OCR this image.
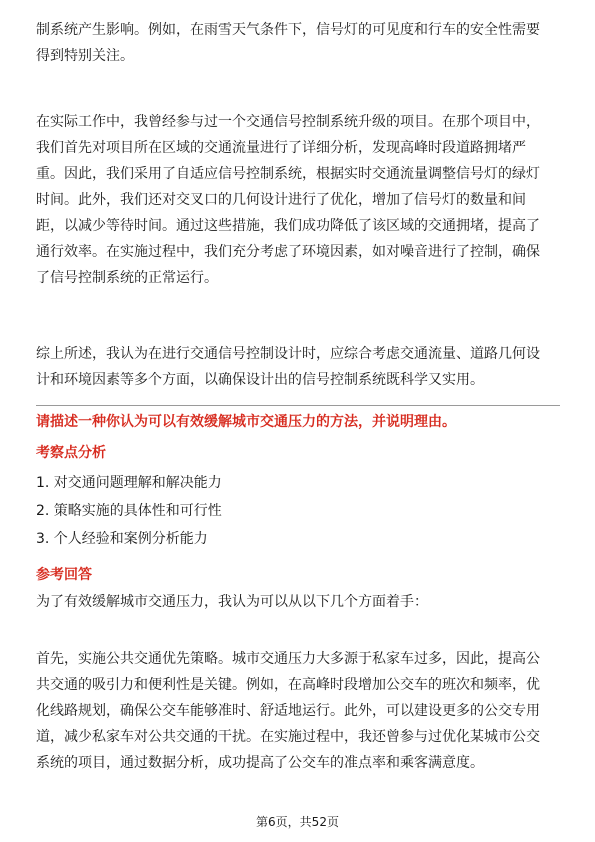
制系统产生影响。例如，在雨雪天气条件下，信号灯的可见度和行车的安全性需要
得到特别关注。

在实际工作中，我曾经参与过一个交通信号控制系统升级的项目。在那个项目中，
我们首先对项目所在区域的交通流量进行了详细分析，发现高峰时段道路拥堵严
重。因此，我们采用了自适应信号控制系统，根据实时交通流量调整信号灯的绿灯
时间。此外，我们还对交叉口的几何设计进行了优化，增加了信号灯的数量和间
距，以减少等待时间。通过这些措施，我们成功降低了该区域的交通拥堵，提高了
通行效率。在实施过程中，我们充分考虑了环境因素，如对噪音进行了控制，确保
了信号控制系统的正常运行。

综上所述，我认为在进行交通信号控制设计时，应综合考虑交通流量、道路几何设
计和环境因素等多个方面，以确保设计出的信号控制系统既科学又实用。

请描述一种你认为可以有效缓解城市交通压力的方法，并说明理由。

考察点分析

1. 对交通问题理解和解决能力
2. 策略实施的具体性和可行性
3. 个人经验和案例分析能力

参考回答

为了有效缓解城市交通压力，我认为可以从以下几个方面着手：

首先，实施公共交通优先策略。城市交通压力大多源于私家车过多，因此，提高公
共交通的吸引力和便利性是关键。例如，在高峰时段增加公交车的班次和频率，优
化线路规划，确保公交车能够准时、舒适地运行。此外，可以建设更多的公交专用
道，减少私家车对公共交通的干扰。在实施过程中，我还曾参与过优化某城市公交
系统的项目，通过数据分析，成功提高了公交车的准点率和乘客满意度。

第6页，共52页
